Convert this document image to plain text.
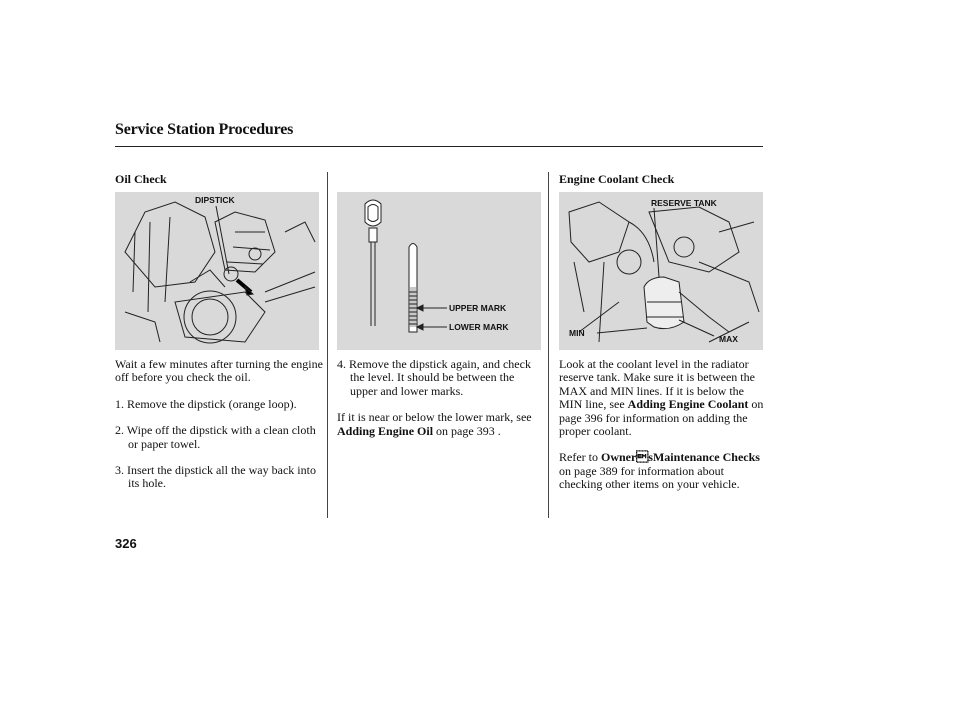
Service Station Procedures
Oil Check
DIPSTICK

Wait a few minutes after turning the engine off before you check the oil.

1. Remove the dipstick (orange loop).

2. Wipe off the dipstick with a clean cloth or paper towel.

3. Insert the dipstick all the way back into its hole.

UPPER MARK
LOWER MARK

4. Remove the dipstick again, and check the level. It should be between the upper and lower marks.

If it is near or below the lower mark, see Adding Engine Oil on page 393 .

Engine Coolant Check
RESERVE TANK
MIN
MAX

Look at the coolant level in the radiator reserve tank. Make sure it is between the MAX and MIN lines. If it is below the MIN line, see Adding Engine Coolant on page 396 for information on adding the proper coolant.

Refer to OwnersMaintenance Checks on page 389 for information about checking other items on your vehicle.

326
